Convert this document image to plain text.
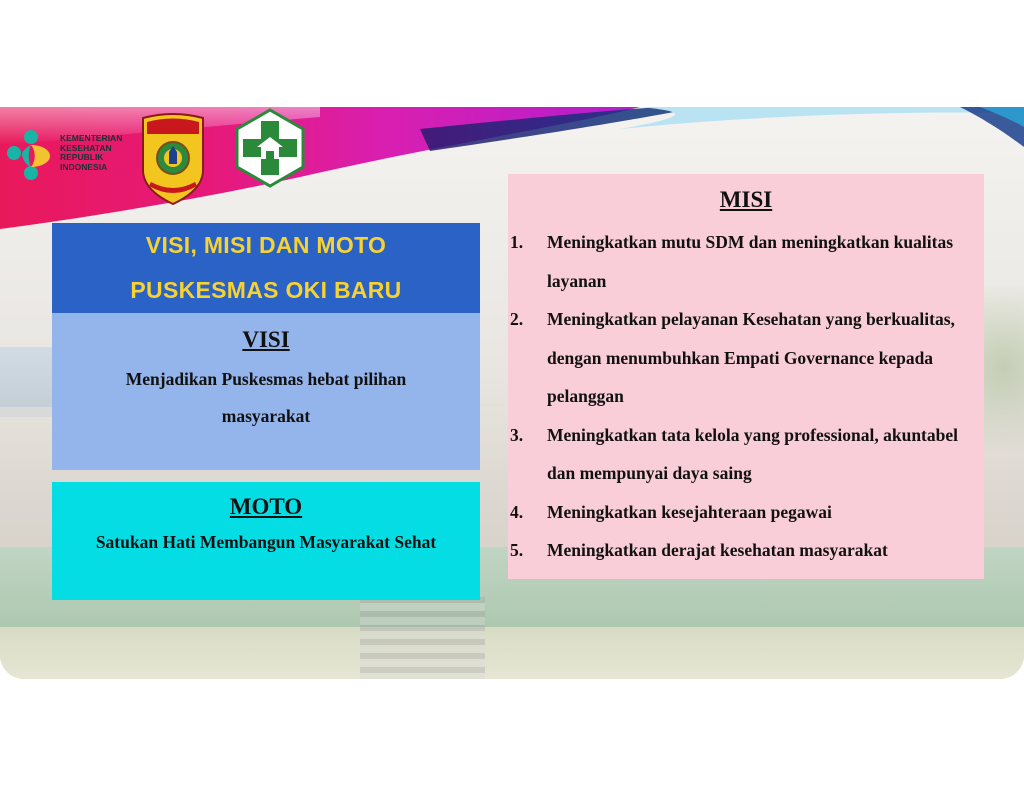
KEMENTERIAN
KESEHATAN
REPUBLIK
INDONESIA
VISI, MISI DAN MOTO
PUSKESMAS OKI BARU
VISI
Menjadikan Puskesmas hebat pilihan masyarakat
MOTO
Satukan Hati Membangun Masyarakat Sehat
MISI
1. Meningkatkan mutu SDM dan meningkatkan kualitas layanan
2. Meningkatkan pelayanan Kesehatan yang berkualitas, dengan menumbuhkan Empati Governance kepada pelanggan
3. Meningkatkan tata kelola yang professional, akuntabel dan mempunyai daya saing
4. Meningkatkan kesejahteraan pegawai
5. Meningkatkan derajat kesehatan masyarakat
